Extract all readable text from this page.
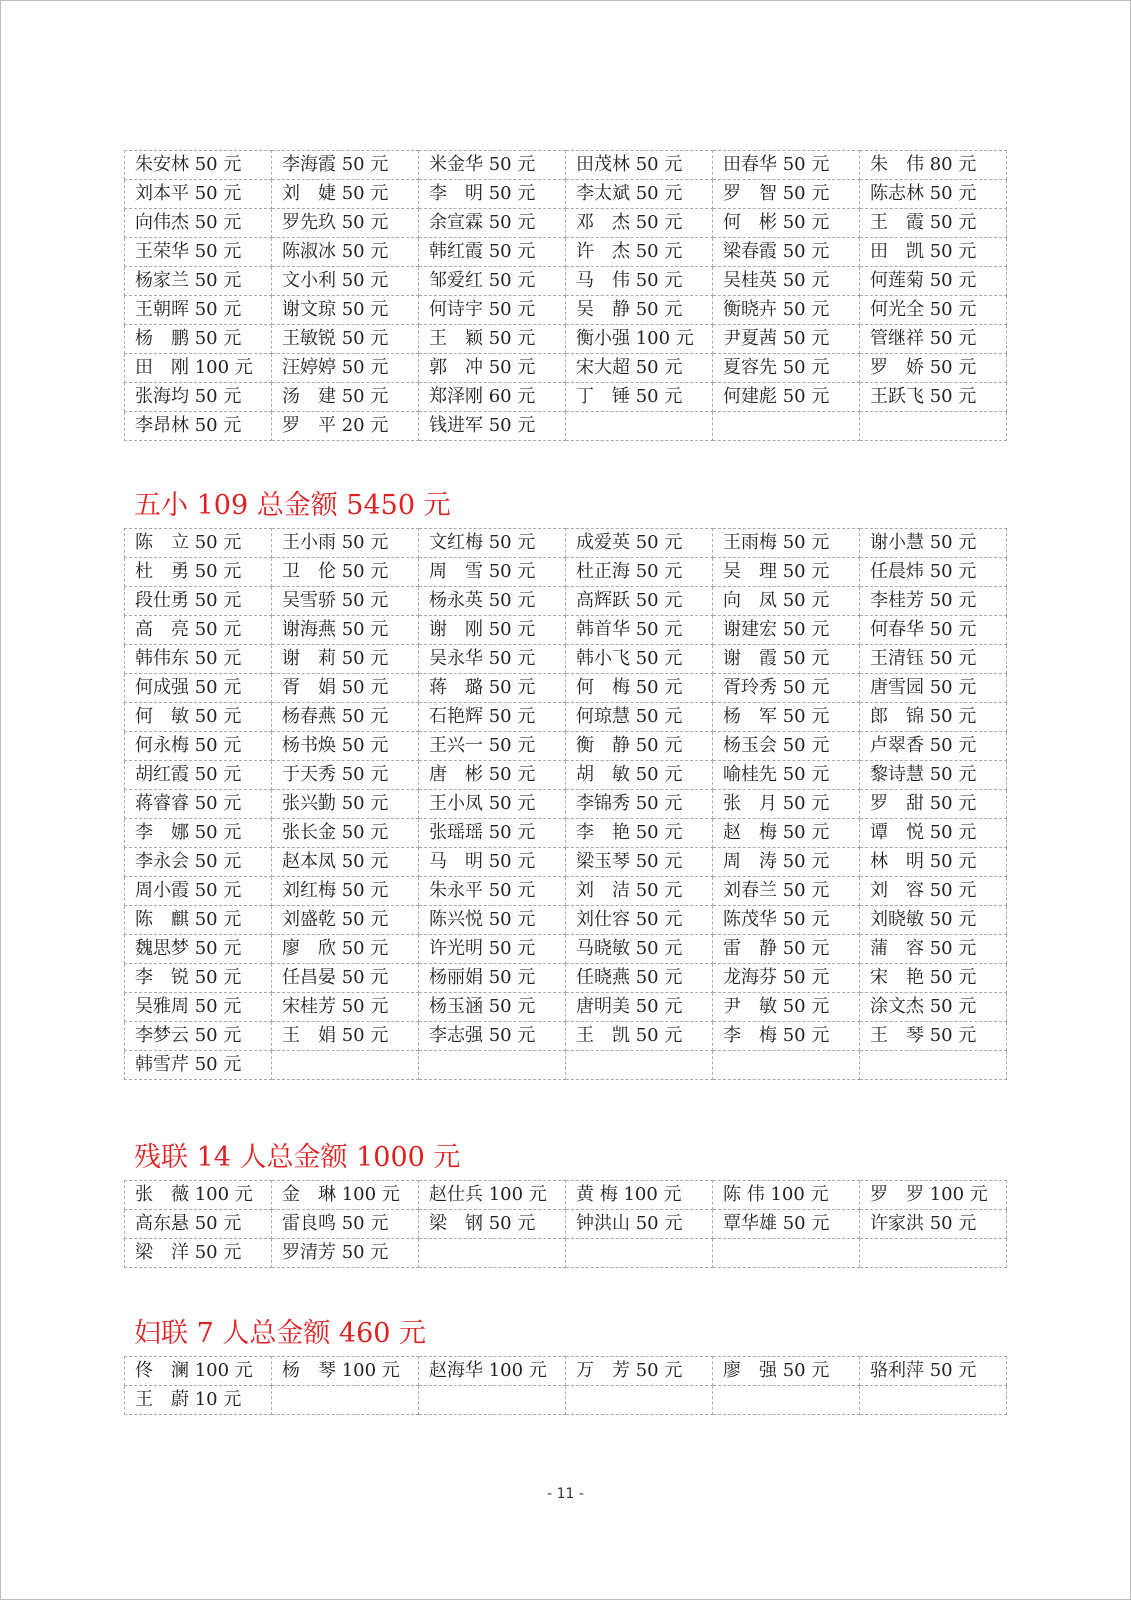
朱安林 50 元	李海霞 50 元	米金华 50 元	田茂林 50 元	田春华 50 元	朱　伟 80 元
刘本平 50 元	刘　婕 50 元	李　明 50 元	李太斌 50 元	罗　智 50 元	陈志林 50 元
向伟杰 50 元	罗先玖 50 元	余宣霖 50 元	邓　杰 50 元	何　彬 50 元	王　霞 50 元
王荣华 50 元	陈淑冰 50 元	韩红霞 50 元	许　杰 50 元	梁春霞 50 元	田　凯 50 元
杨家兰 50 元	文小利 50 元	邹爱红 50 元	马　伟 50 元	吴桂英 50 元	何莲菊 50 元
王朝晖 50 元	谢文琼 50 元	何诗宇 50 元	吴　静 50 元	衡晓卉 50 元	何光全 50 元
杨　鹏 50 元	王敏锐 50 元	王　颖 50 元	衡小强 100 元	尹夏茜 50 元	管继祥 50 元
田　刚 100 元	汪婷婷 50 元	郭　冲 50 元	宋大超 50 元	夏容先 50 元	罗　娇 50 元
张海均 50 元	汤　建 50 元	郑泽刚 60 元	丁　锤 50 元	何建彪 50 元	王跃飞 50 元
李昂林 50 元	罗　平 20 元	钱进军 50 元			
五小 109 总金额 5450 元
陈　立 50 元	王小雨 50 元	文红梅 50 元	成爱英 50 元	王雨梅 50 元	谢小慧 50 元
杜　勇 50 元	卫　伦 50 元	周　雪 50 元	杜正海 50 元	吴　理 50 元	任晨炜 50 元
段仕勇 50 元	吴雪骄 50 元	杨永英 50 元	高辉跃 50 元	向　凤 50 元	李桂芳 50 元
高　亮 50 元	谢海燕 50 元	谢　刚 50 元	韩首华 50 元	谢建宏 50 元	何春华 50 元
韩伟东 50 元	谢　莉 50 元	吴永华 50 元	韩小飞 50 元	谢　霞 50 元	王清钰 50 元
何成强 50 元	胥　娟 50 元	蒋　璐 50 元	何　梅 50 元	胥玲秀 50 元	唐雪园 50 元
何　敏 50 元	杨春燕 50 元	石艳辉 50 元	何琼慧 50 元	杨　军 50 元	郎　锦 50 元
何永梅 50 元	杨书焕 50 元	王兴一 50 元	衡　静 50 元	杨玉会 50 元	卢翠香 50 元
胡红霞 50 元	于天秀 50 元	唐　彬 50 元	胡　敏 50 元	喻桂先 50 元	黎诗慧 50 元
蒋睿睿 50 元	张兴勤 50 元	王小凤 50 元	李锦秀 50 元	张　月 50 元	罗　甜 50 元
李　娜 50 元	张长金 50 元	张瑶瑶 50 元	李　艳 50 元	赵　梅 50 元	谭　悦 50 元
李永会 50 元	赵本凤 50 元	马　明 50 元	梁玉琴 50 元	周　涛 50 元	林　明 50 元
周小霞 50 元	刘红梅 50 元	朱永平 50 元	刘　洁 50 元	刘春兰 50 元	刘　容 50 元
陈　麒 50 元	刘盛乾 50 元	陈兴悦 50 元	刘仕容 50 元	陈茂华 50 元	刘晓敏 50 元
魏思梦 50 元	廖　欣 50 元	许光明 50 元	马晓敏 50 元	雷　静 50 元	蒲　容 50 元
李　锐 50 元	任昌晏 50 元	杨丽娟 50 元	任晓燕 50 元	龙海芬 50 元	宋　艳 50 元
吴雅周 50 元	宋桂芳 50 元	杨玉涵 50 元	唐明美 50 元	尹　敏 50 元	涂文杰 50 元
李梦云 50 元	王　娟 50 元	李志强 50 元	王　凯 50 元	李　梅 50 元	王　琴 50 元
韩雪芹 50 元					
残联 14 人总金额 1000 元
张　薇 100 元	金　琳 100 元	赵仕兵 100 元	黄 梅 100 元	陈 伟 100 元	罗　罗 100 元
高东悬 50 元	雷良鸣 50 元	梁　钢 50 元	钟洪山 50 元	覃华雄 50 元	许家洪 50 元
梁　洋 50 元	罗清芳 50 元				
妇联 7 人总金额 460 元
佟　澜 100 元	杨　琴 100 元	赵海华 100 元	万　芳 50 元	廖　强 50 元	骆利萍 50 元
王　蔚 10 元					
- 11 -
